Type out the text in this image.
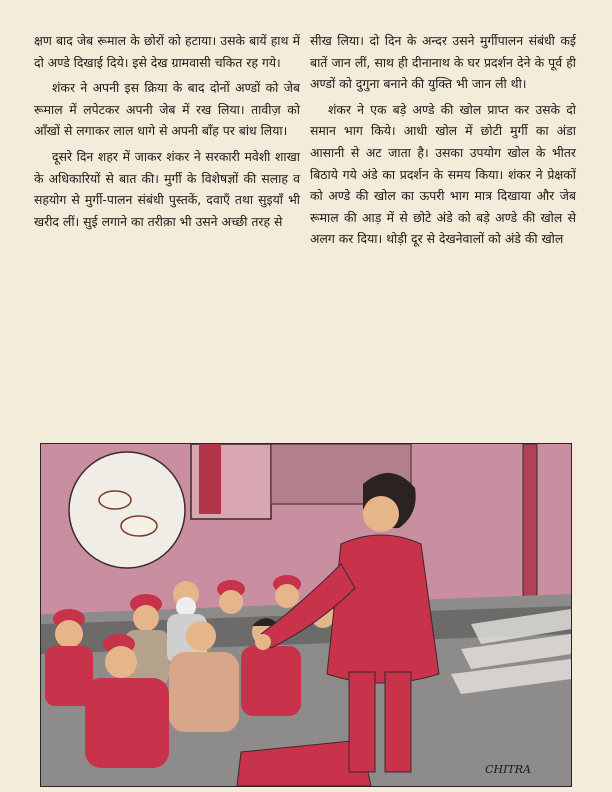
क्षण बाद जेब रूमाल के छोरों को हटाया। उसके बायें हाथ में दो अण्डे दिखाई दिये। इसे देख ग्रामवासी चकित रह गये।

शंकर ने अपनी इस क्रिया के बाद दोनों अण्डों को जेब रूमाल में लपेटकर अपनी जेब में रख लिया। तावीज़ को आँखों से लगाकर लाल धागे से अपनी बाँह पर बांध लिया।

दूसरे दिन शहर में जाकर शंकर ने सरकारी मवेशी शाखा के अधिकारियों से बात की। मुर्गी के विशेषज्ञों की सलाह व सहयोग से मुर्गी-पालन संबंधी पुस्तकें, दवाएँ तथा सुइयाँ भी खरीद लीं। सुई लगाने का तरीक़ा भी उसने अच्छी तरह से

सीख लिया। दो दिन के अन्दर उसने मुर्गीपालन संबंधी कई बातें जान लीं, साथ ही दीनानाथ के घर प्रदर्शन देने के पूर्व ही अण्डों को दुगुना बनाने की युक्ति भी जान ली थी।

शंकर ने एक बड़े अण्डे की खोल प्राप्त कर उसके दो समान भाग किये। आधी खोल में छोटी मुर्गी का अंडा आसानी से अट जाता है। उसका उपयोग खोल के भीतर बिठाये गये अंडे का प्रदर्शन के समय किया। शंकर ने प्रेक्षकों को अण्डे की खोल का ऊपरी भाग मात्र दिखाया और जेब रूमाल की आड़ में से छोटे अंडे को बड़े अण्डे की खोल से अलग कर दिया। थोड़ी दूर से देखनेवालों को अंडे की खोल

CHITRA
